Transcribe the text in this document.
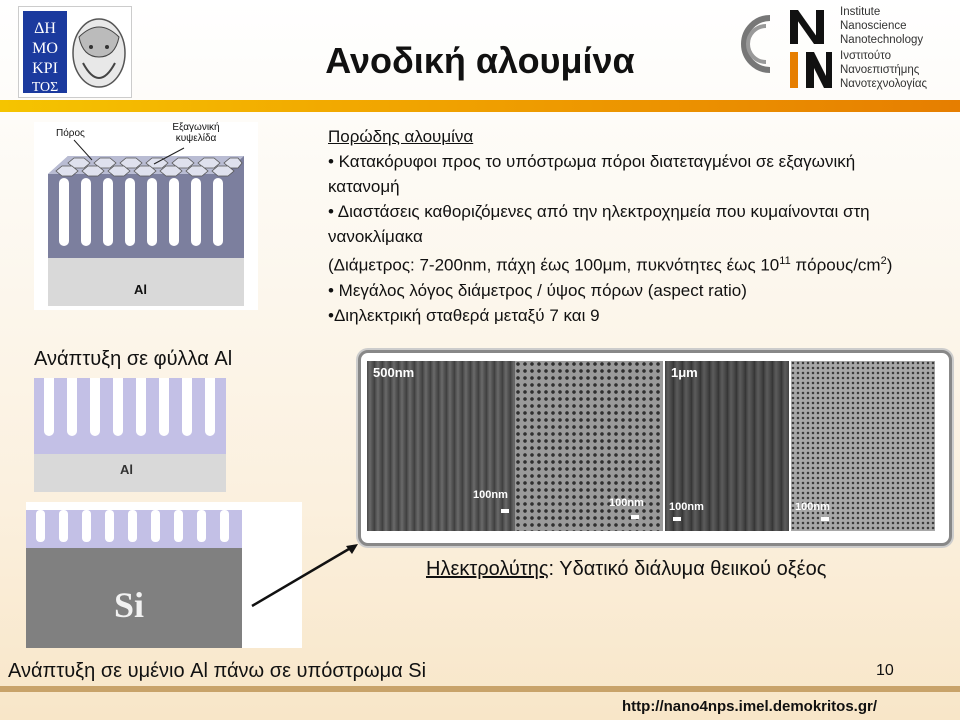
ΔΗ
ΜΟ
ΚΡΙ
ΤΟΣ
Ανοδική αλουμίνα
Institute
Nanoscience
Nanotechnology
Ινστιτούτο
Νανοεπιστήμης
Νανοτεχνολογίας
Πόρος
Εξαγωνική κυψελίδα
Al

Πορώδης αλουμίνα

• Κατακόρυφοι προς το υπόστρωμα πόροι διατεταγμένοι σε εξαγωνική κατανομή

• Διαστάσεις καθοριζόμενες από την ηλεκτροχημεία που κυμαίνονται στη νανοκλίμακα

(Διάμετρος: 7-200nm, πάχη έως 100μm, πυκνότητες έως $10^{11}$ πόρους/$cm^2$)

• Μεγάλος λόγος διάμετρος / ύψος πόρων (aspect ratio)

•Διηλεκτρική σταθερά μεταξύ 7 και 9

Ανάπτυξη σε φύλλα Al
Al
Si
Ανάπτυξη σε υμένιο Al πάνω σε υπόστρωμα Si
500nm
100nm
100nm
1μm
100nm	100nm
Ηλεκτρολύτης: Υδατικό διάλυμα θειικού οξέος
10
http://nano4nps.imel.demokritos.gr/
